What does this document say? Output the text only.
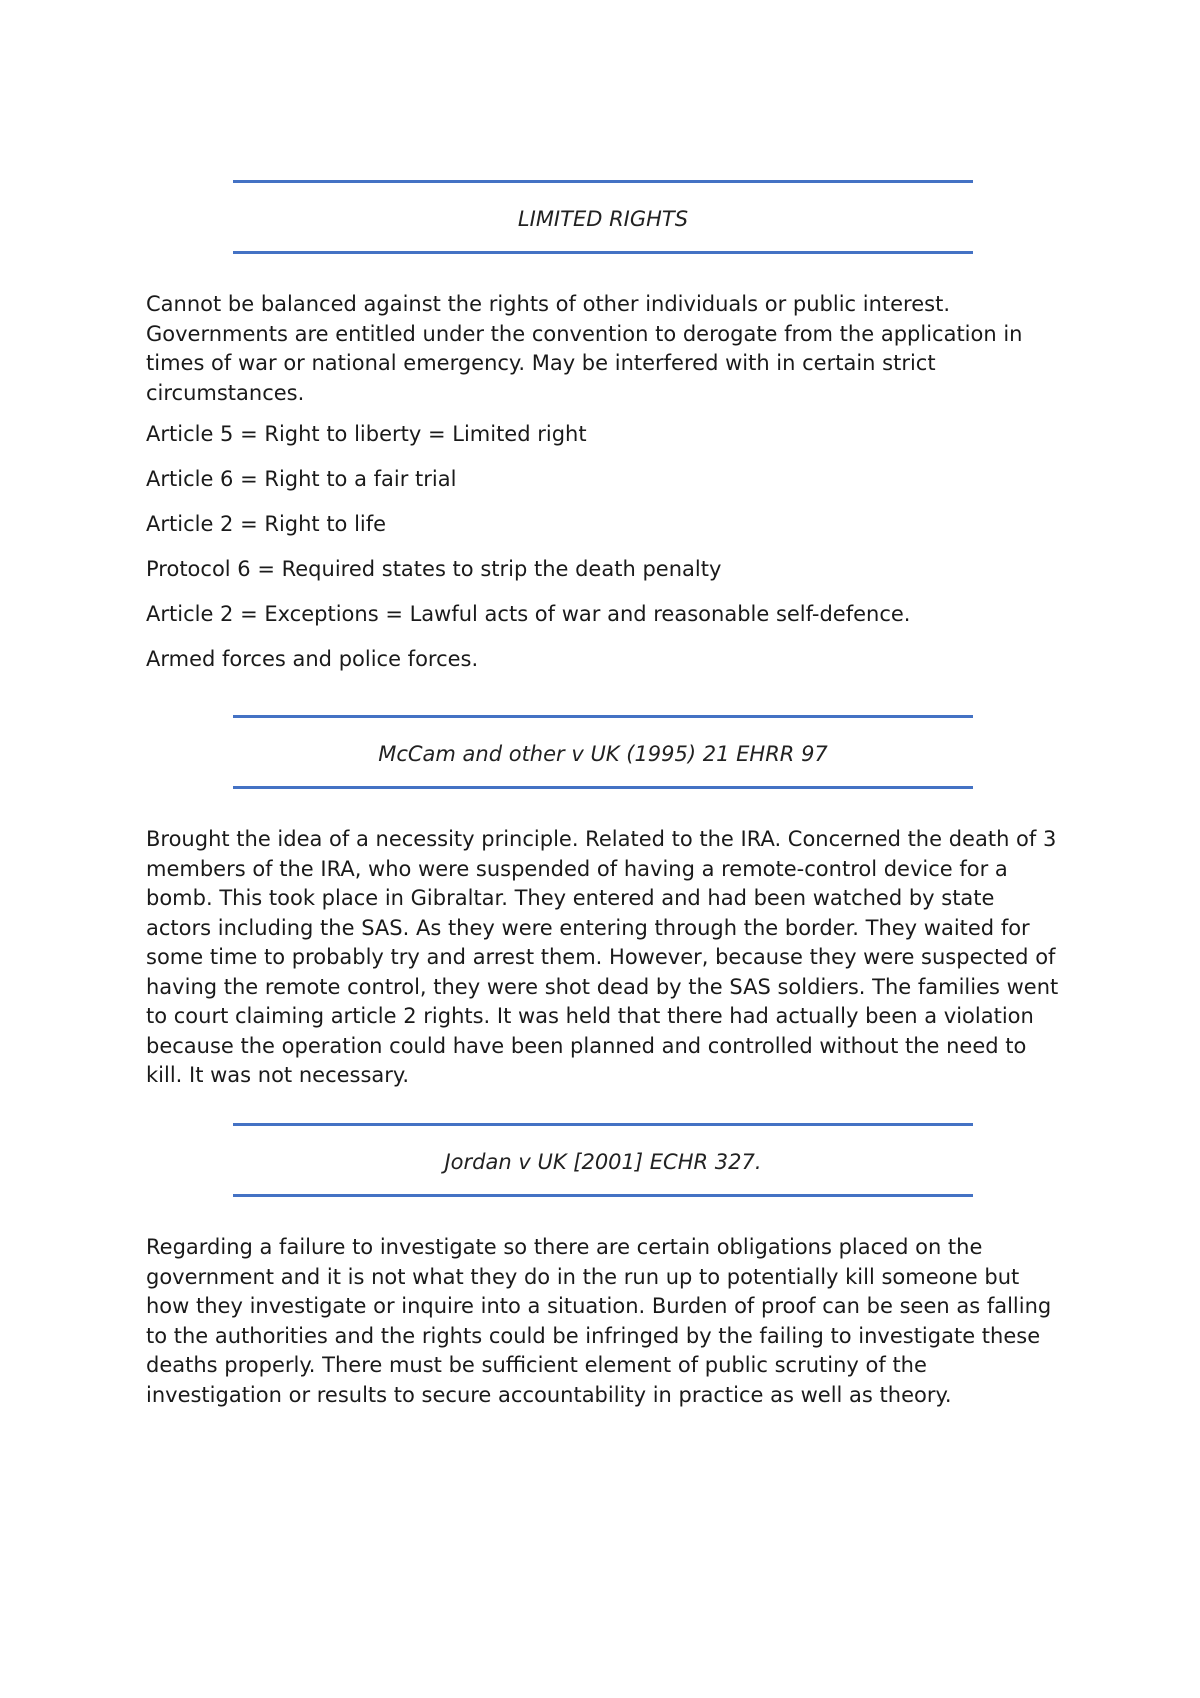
LIMITED RIGHTS

Cannot be balanced against the rights of other individuals or public interest. Governments are entitled under the convention to derogate from the application in times of war or national emergency. May be interfered with in certain strict circumstances.

Article 5 = Right to liberty = Limited right

Article 6 = Right to a fair trial

Article 2 = Right to life

Protocol 6 = Required states to strip the death penalty

Article 2 = Exceptions = Lawful acts of war and reasonable self-defence.

Armed forces and police forces.

McCam and other v UK (1995) 21 EHRR 97

Brought the idea of a necessity principle. Related to the IRA. Concerned the death of 3 members of the IRA, who were suspended of having a remote-control device for a bomb. This took place in Gibraltar. They entered and had been watched by state actors including the SAS. As they were entering through the border. They waited for some time to probably try and arrest them. However, because they were suspected of having the remote control, they were shot dead by the SAS soldiers. The families went to court claiming article 2 rights. It was held that there had actually been a violation because the operation could have been planned and controlled without the need to kill. It was not necessary.

Jordan v UK [2001] ECHR 327.

Regarding a failure to investigate so there are certain obligations placed on the government and it is not what they do in the run up to potentially kill someone but how they investigate or inquire into a situation. Burden of proof can be seen as falling to the authorities and the rights could be infringed by the failing to investigate these deaths properly. There must be sufficient element of public scrutiny of the investigation or results to secure accountability in practice as well as theory.
